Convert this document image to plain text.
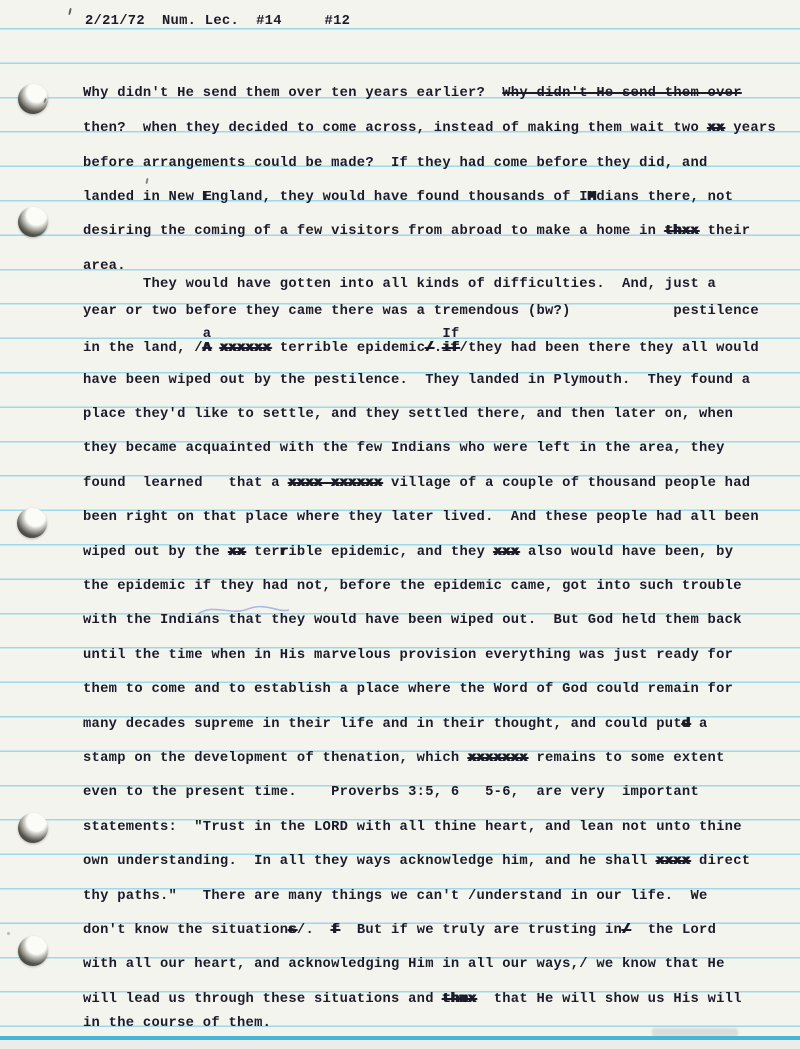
2/21/72  Num. Lec.  #14     #12
Why didn't He send them over ten years earlier?  Why didn't He send them over
then?  when they decided to come across, instead of making them wait two xx years
before arrangements could be made?  If they had come before they did, and
landed in New England, they would have found thousands of IMdians there, not
desiring the coming of a few visitors from abroad to make a home in thxx their
area.  They would have gotten into all kinds of difficulties.  And, just a
year or two before they came there was a tremendous (bw?)            pestilence
in the land, /aA xxxxxx terrible epidemic/.Ifif/they had been there they all would
have been wiped out by the pestilence.  They landed in Plymouth.  They found a
place they'd like to settle, and they settled there, and then later on, when
they became acquainted with the few Indians who were left in the area, they
found  learned   that a xxxx xxxxxx village of a couple of thousand people had
been right on that place where they later lived.  And these people had all been
wiped out by the xx terrible epidemic, and they xxx also would have been, by
the epidemic if they had not, before the epidemic came, got into such trouble
with the Indians that they would have been wiped out.  But God held them back
until the time when in His marvelous provision everything was just ready for
them to come and to establish a place where the Word of God could remain for
many decades supreme in their life and in their thought, and could putd a
stamp on the development of thenation, which xxxxxxx remains to some extent
even to the present time.    Proverbs 3:5, 6   5-6,  are very  important
statements:  "Trust in the LORD with all thine heart, and lean not unto thine
own understanding.  In all they ways acknowledge him, and he shall xxxx direct
thy paths."   There are many things we can't /understand in our life.  We
don't know the situations/.  f  But if we truly are trusting in/  the Lord
with all our heart, and acknowledging Him in all our ways,/ we know that He
will lead us through these situations and thmx  that He will show us His will
in the course of them.
